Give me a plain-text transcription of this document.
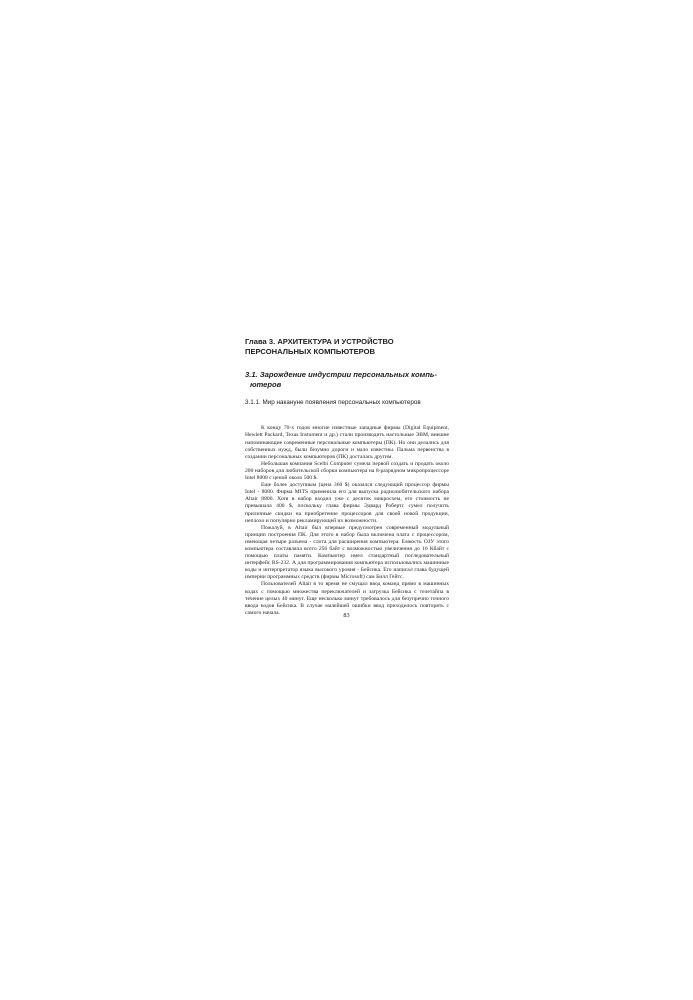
Глава 3. АРХИТЕКТУРА И УСТРОЙСТВО
ПЕРСОНАЛЬНЫХ КОМПЬЮТЕРОВ
3.1. Зарождение индустрии персональных компь-
ютеров
3.1.1. Мир накануне появления персональных компьютеров

К концу 70-х годов многие известные западные фирмы (Digital Equipment, Hewlett Packard, Texas Instument и др.) стали производить настольные ЭВМ, внешне напоминающие современные персональные компьютеры (ПК). Но они делались для собственных нужд, были безумно дороги и мало известны. Пальма первенства в создании персональных компьютеров (ПК) досталась другим.

Небольшая компания Scelbi Computer сумела первой создать и продать около 200 наборов для любительской сборки компьютера на 8-разрядном микропроцессоре Intel 8008 с ценой около 500 $.

Еще более доступным (цена 360 $) оказался следующий процессор фирмы Intel - 8080. Фирма MITS применила его для выпуска радиолюбительского набора Altair 8800. Хотя в набор входил уже с десяток микросхем, его стоимость не превышала 400 $, поскольку глава фирмы Эдвард Робертс сумел получить приличные скидки на приобретение процессоров для своей новой продукции, неплохо и популярно рекламирующей их возможности.

Пожалуй, в Altair был впервые предусмотрен современный модульный принцип построения ПК. Для этого в набор была включена плата с процессором, имеющая четыре разъема - слота для расширения компьютера. Емкость ОЗУ этого компьютера составляла всего 256 байт с возможностью увеличения до 16 Кбайт с помощью платы памяти. Компьютер имел стандартный последовательный интерфейс RS-232. А для программирования компьютера использовались машинные коды и интерпретатор языка высокого уровня - Бейсика. Его написал глава будущей империи программных средств (фирмы Microsoft) сам Билл Гейтс.

Пользователей Altair в то время не смущал ввод команд прямо в машинных кодах с помощью множества переключателей и загрузка Бейсика с телетайпа в течение целых 40 минут. Еще несколько минут требовалось для безупречно точного ввода кодов Бейсика. В случае малейшей ошибки ввод приходилось повторять с самого начала.	83
